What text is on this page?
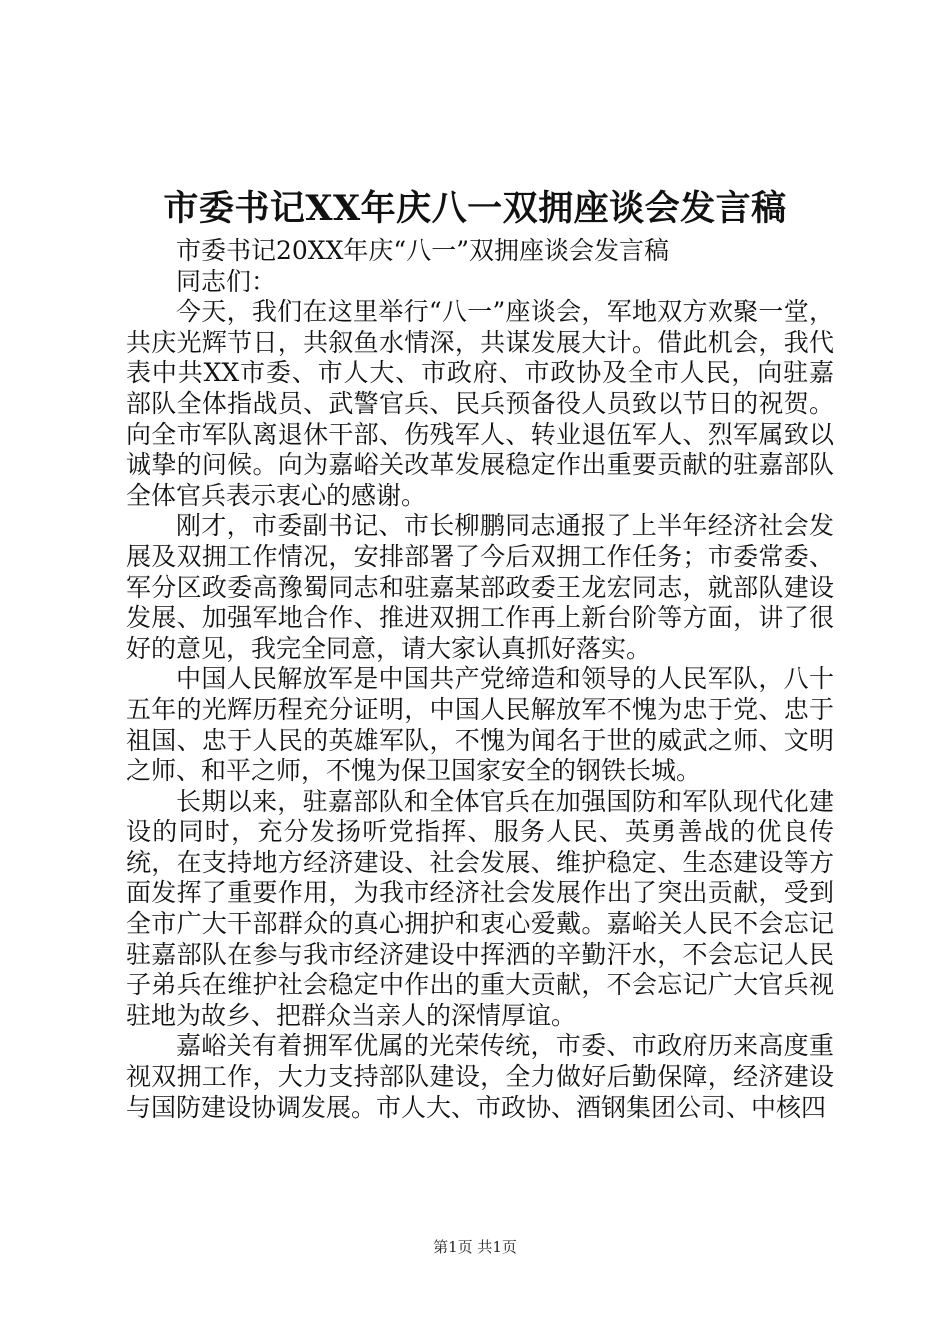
市委书记XX年庆八一双拥座谈会发言稿

市委书记20XX年庆“八一”双拥座谈会发言稿

同志们：

今天，我们在这里举行“八一”座谈会，军地双方欢聚一堂，共庆光辉节日，共叙鱼水情深，共谋发展大计。借此机会，我代表中共XX市委、市人大、市政府、市政协及全市人民，向驻嘉部队全体指战员、武警官兵、民兵预备役人员致以节日的祝贺。向全市军队离退休干部、伤残军人、转业退伍军人、烈军属致以诚挚的问候。向为嘉峪关改革发展稳定作出重要贡献的驻嘉部队全体官兵表示衷心的感谢。

刚才，市委副书记、市长柳鹏同志通报了上半年经济社会发展及双拥工作情况，安排部署了今后双拥工作任务；市委常委、军分区政委高豫蜀同志和驻嘉某部政委王龙宏同志，就部队建设发展、加强军地合作、推进双拥工作再上新台阶等方面，讲了很好的意见，我完全同意，请大家认真抓好落实。

中国人民解放军是中国共产党缔造和领导的人民军队，八十五年的光辉历程充分证明，中国人民解放军不愧为忠于党、忠于祖国、忠于人民的英雄军队，不愧为闻名于世的威武之师、文明之师、和平之师，不愧为保卫国家安全的钢铁长城。

长期以来，驻嘉部队和全体官兵在加强国防和军队现代化建设的同时，充分发扬听党指挥、服务人民、英勇善战的优良传统，在支持地方经济建设、社会发展、维护稳定、生态建设等方面发挥了重要作用，为我市经济社会发展作出了突出贡献，受到全市广大干部群众的真心拥护和衷心爱戴。嘉峪关人民不会忘记驻嘉部队在参与我市经济建设中挥洒的辛勤汗水，不会忘记人民子弟兵在维护社会稳定中作出的重大贡献，不会忘记广大官兵视驻地为故乡、把群众当亲人的深情厚谊。

嘉峪关有着拥军优属的光荣传统，市委、市政府历来高度重视双拥工作，大力支持部队建设，全力做好后勤保障，经济建设与国防建设协调发展。市人大、市政协、酒钢集团公司、中核四

第1页 共1页
